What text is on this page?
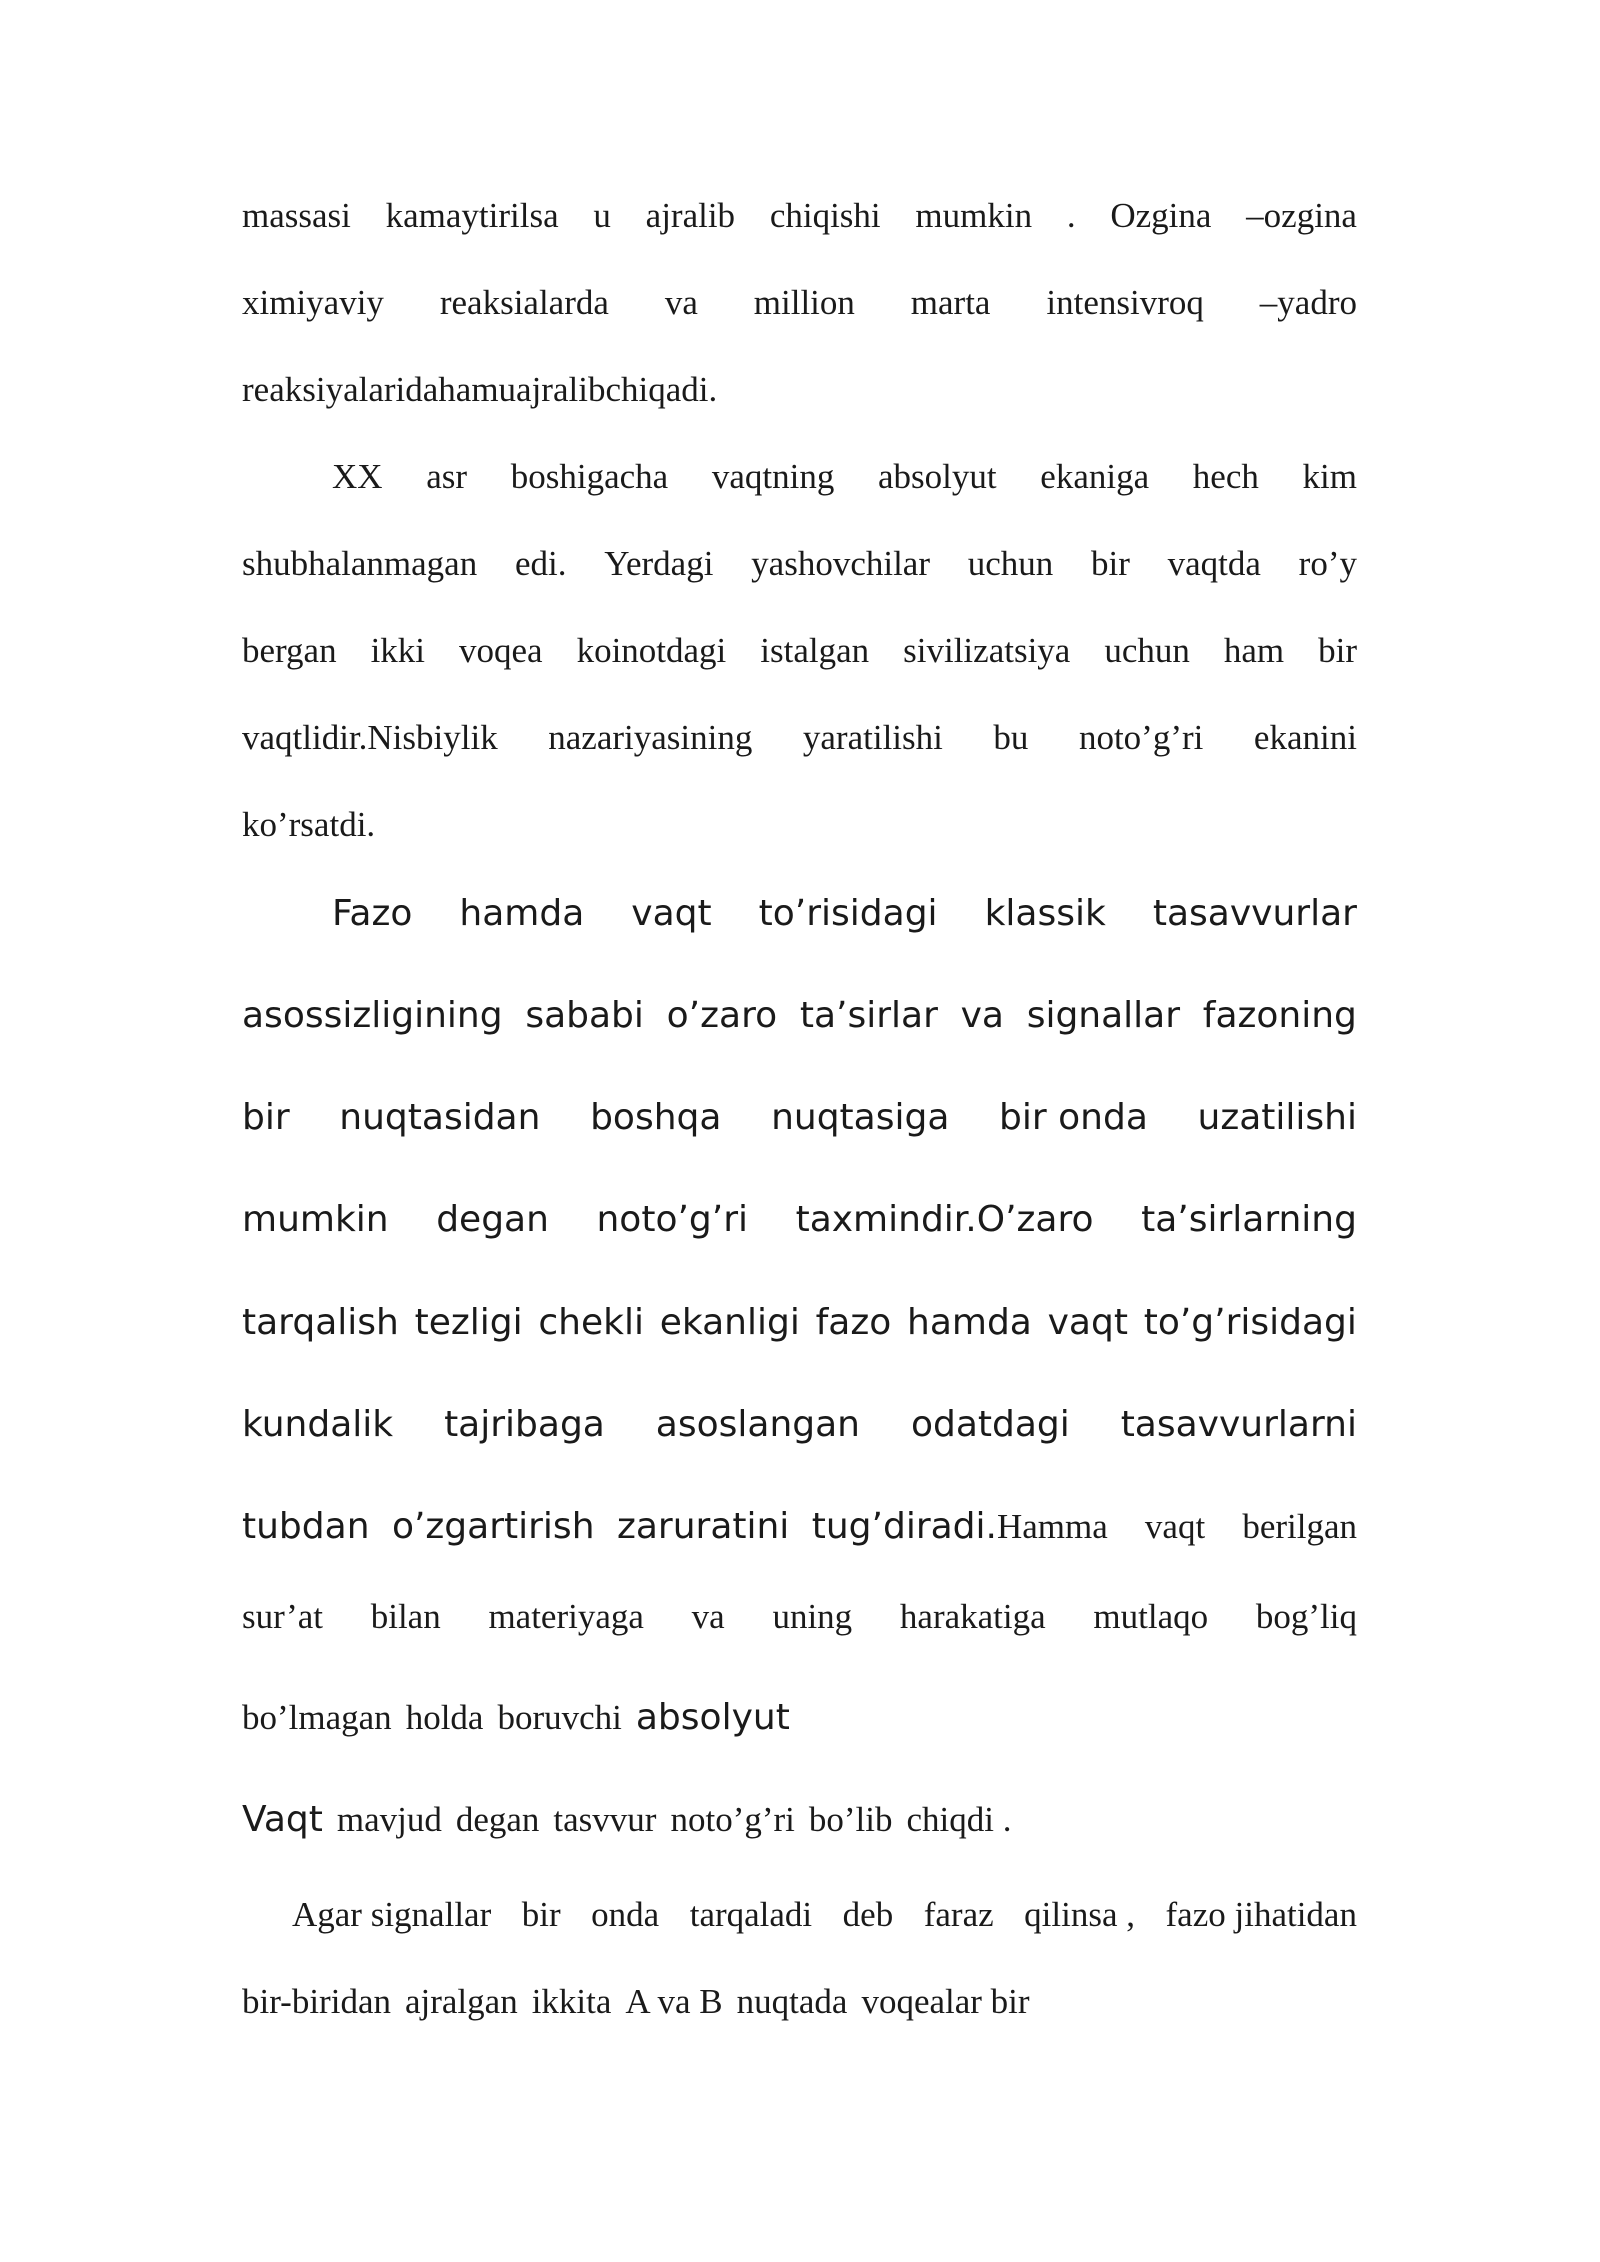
massasi kamaytirilsa u ajralib chiqishi mumkin . Ozgina –ozgina
ximiyaviy reaksialarda va million marta intensivroq –yadro
reaksiyalarida ham u ajralib chiqadi.
XX asr boshigacha vaqtning absolyut ekaniga hech kim
shubhalanmagan edi. Yerdagi yashovchilar uchun bir vaqtda ro’y
bergan ikki voqea koinotdagi istalgan sivilizatsiya uchun ham bir
vaqtlidir.Nisbiylik nazariyasining yaratilishi bu noto’g’ri ekanini
ko’rsatdi.
Fazo hamda vaqt to’risidagi klassik tasavvurlar
asossizligining sababi o’zaro ta’sirlar va signallar fazoning
bir nuqtasidan boshqa nuqtasiga bir onda uzatilishi
mumkin degan noto’g’ri taxmindir.O’zaro ta’sirlarning
tarqalish tezligi chekli ekanligi fazo hamda vaqt to’g’risidagi
kundalik tajribaga asoslangan odatdagi tasavvurlarni
tubdan o’zgartirish zaruratini tug’diradi. Hamma vaqt berilgan
sur’at bilan materiyaga va uning harakatiga mutlaqo bog’liq
bo’lmagan holda boruvchi absolyut
Vaqt mavjud degan tasvvur noto’g’ri bo’lib chiqdi .
Agar signallar bir onda tarqaladi deb faraz qilinsa , fazo jihatidan
bir-biridan ajralgan ikkita A va B nuqtada voqealar bir
